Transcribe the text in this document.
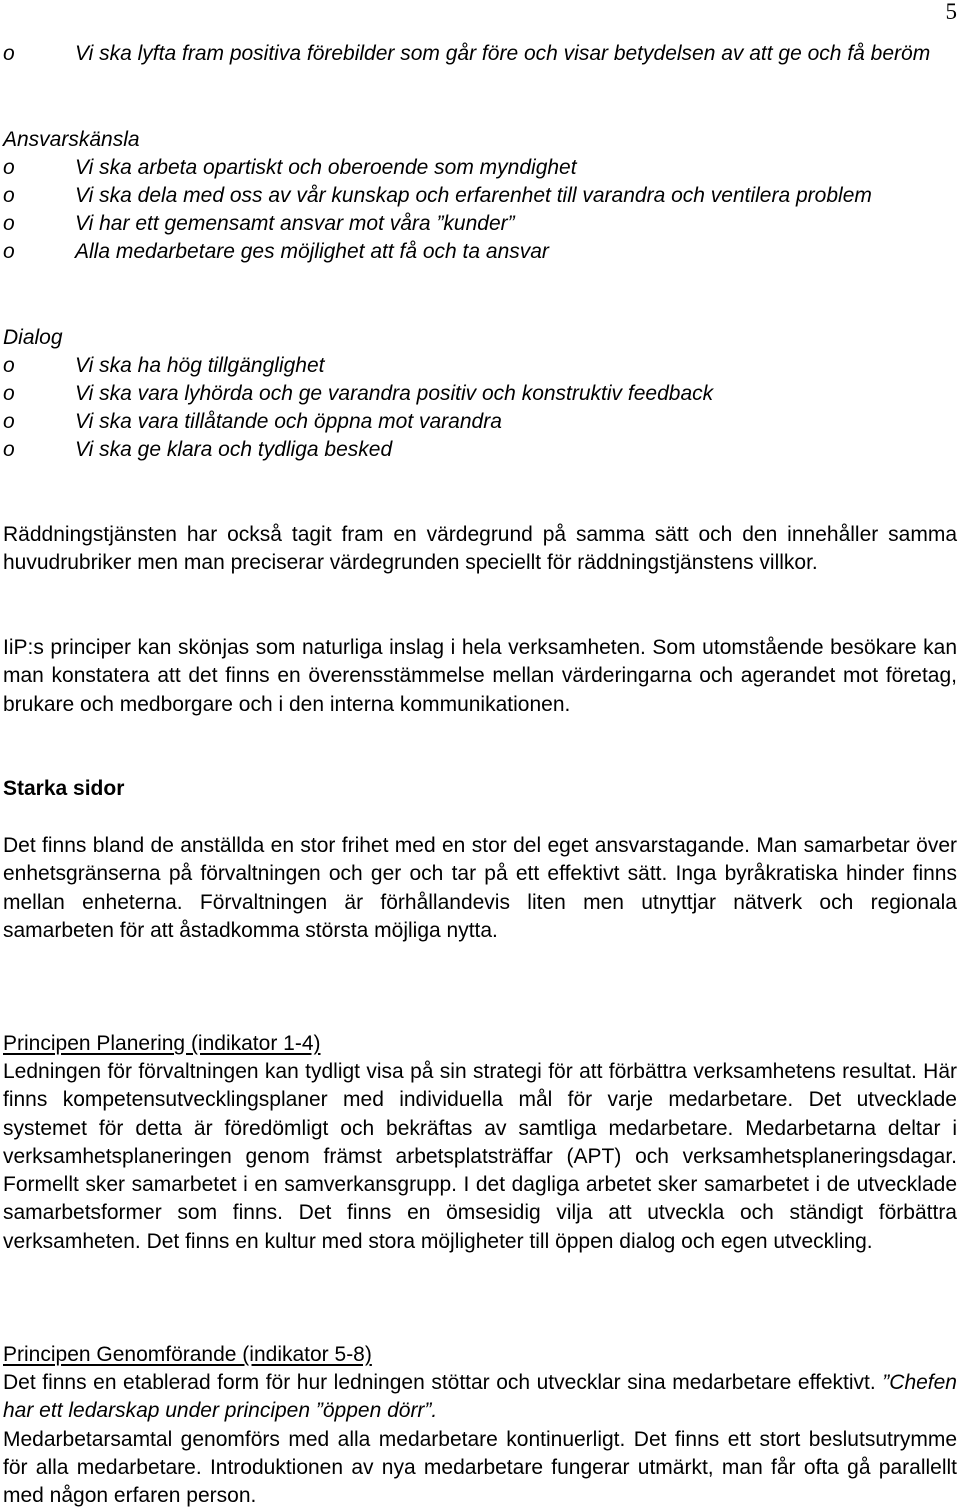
5
o	Vi ska lyfta fram positiva förebilder som går före och visar betydelsen av att ge och få beröm
Ansvarskänsla
o	Vi ska arbeta opartiskt och oberoende som myndighet
o	Vi ska dela med oss av vår kunskap och erfarenhet till varandra och ventilera problem
o	Vi har ett gemensamt ansvar mot våra ”kunder”
o	Alla medarbetare ges möjlighet att få och ta ansvar
Dialog
o	Vi ska ha hög tillgänglighet
o	Vi ska vara lyhörda och ge varandra positiv och konstruktiv feedback
o	Vi ska vara tillåtande och öppna mot varandra
o	Vi ska ge klara och tydliga besked
Räddningstjänsten har också tagit fram en värdegrund på samma sätt och den innehåller samma huvudrubriker men man preciserar värdegrunden speciellt för räddningstjänstens villkor.
IiP:s principer kan skönjas som naturliga inslag i hela verksamheten. Som utomstående besökare kan man konstatera att det finns en överensstämmelse mellan värderingarna och agerandet mot företag, brukare och medborgare och i den interna kommunikationen.
Starka sidor
Det finns bland de anställda en stor frihet med en stor del eget ansvarstagande. Man samarbetar över enhetsgränserna på förvaltningen och ger och tar på ett effektivt sätt. Inga byråkratiska hinder finns mellan enheterna. Förvaltningen är förhållandevis liten men utnyttjar nätverk och regionala samarbeten för att åstadkomma största möjliga nytta.
Principen Planering (indikator 1-4)
Ledningen för förvaltningen kan tydligt visa på sin strategi för att förbättra verksamhetens resultat. Här finns kompetensutvecklingsplaner med individuella mål för varje medarbetare. Det utvecklade systemet för detta är föredömligt och bekräftas av samtliga medarbetare. Medarbetarna deltar i verksamhetsplaneringen genom främst arbetsplatsträffar (APT) och verksamhetsplaneringsdagar. Formellt sker samarbetet i en samverkansgrupp. I det dagliga arbetet sker samarbetet i de utvecklade samarbetsformer som finns. Det finns en ömsesidig vilja att utveckla och ständigt förbättra verksamheten. Det finns en kultur med stora möjligheter till öppen dialog och egen utveckling.
Principen Genomförande (indikator 5-8)
Det finns en etablerad form för hur ledningen stöttar och utvecklar sina medarbetare effektivt. ”Chefen har ett ledarskap under principen ”öppen dörr”.
Medarbetarsamtal genomförs med alla medarbetare kontinuerligt. Det finns ett stort beslutsutrymme för alla medarbetare. Introduktionen av nya medarbetare fungerar utmärkt, man får ofta gå parallellt med någon erfaren person.
